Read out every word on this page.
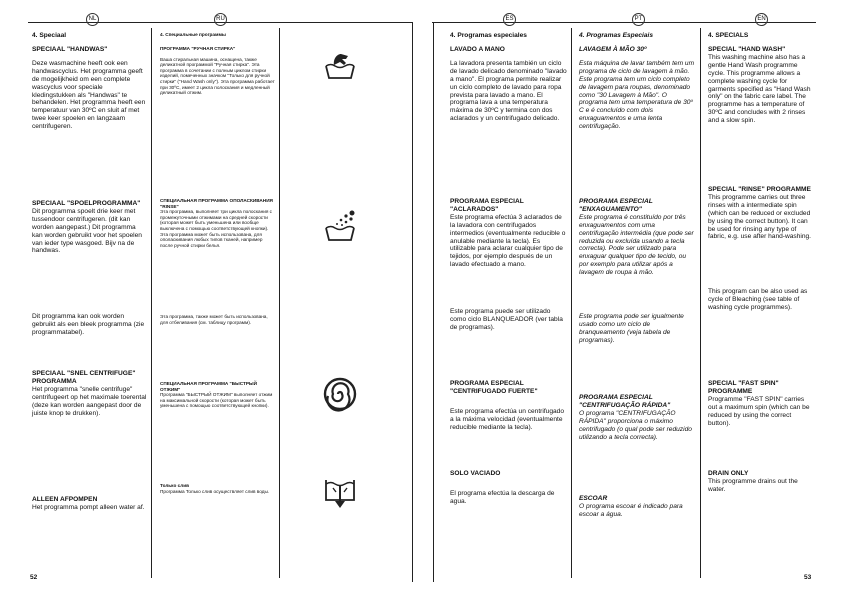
NL	RU	ES	PT	EN
4. Speciaal
SPECIAAL "HANDWAS"
Deze wasmachine heeft ook een handwascyclus. Het programma geeft de mogelijkheid om een complete wascyclus voor speciale kledingstukken als "Handwas" te behandelen. Het programma heeft een temperatuur van 30ºC en sluit af met twee keer spoelen en langzaam centrifugeren.
SPECIAAL "SPOELPROGRAMMA"
Dit programma spoelt drie keer met tussendoor centrifugeren. (dit kan worden aangepast.) Dit programma kan worden gebruikt voor het spoelen van ieder type wasgoed. Bijv na de handwas.
Dit programma kan ook worden gebruikt als een bleek programma (zie programmatabel).
SPECIAAL "SNEL CENTRIFUGE" PROGRAMMA
Het programma "snelle centrifuge" centrifugeert op het maximale toerental (deze kan worden aangepast door de juiste knop te drukken).
ALLEEN AFPOMPEN
Het programma pompt alleen water af.
4. Специальные программы
ПРОГРАММА "РУЧНАЯ СТИРКА"
Ваша стиральная машина, оснащена, также деликатной программой "Ручная стирка". Эта программа в сочетании с полным циклом стирки изделий, помеченных значком "Только для ручной стирки" ("Hand Wash only"). Эта программа работает при 30ºС, имеет 2 цикла полоскания и медленный деликатный отжим.
СПЕЦИАЛЬНАЯ ПРОГРАММА ОПОЛАСКИВАНИЯ "RINSE"
Эта программа, выполняет три цикла полоскания с промежуточными отжимами на средней скорости (которая может быть уменьшена или вообще выключена с помощью соответствующей кнопки). Эта программа может быть использована, для ополаскивания любых типов тканей, например после ручной стирки белья.
Эта программа, также может быть использована, для отбеливания (см. таблицу программ).
СПЕЦИАЛЬНАЯ ПРОГРАММА "БЫСТРЫЙ ОТЖИМ"
Программа "БЫСТРЫЙ ОТЖИМ" выполняет отжим на максимальной скорости (которая может быть уменьшена с помощью соответствующей кнопки).
Только слив
Программа Только слив осуществляет слив воды.
4. Programas especiales
LAVADO A MANO
La lavadora presenta también un ciclo de lavado delicado denominado "lavado a mano". El programa permite realizar un ciclo completo de lavado para ropa prevista para lavado a mano. El programa lava a una temperatura máxima de 30ºC y termina con dos aclarados y un centrifugado delicado.
PROGRAMA ESPECIAL "ACLARADOS"
Este programa efectúa 3 aclarados de la lavadora con centrifugados intermedios (eventualmente reducible o anulable mediante la tecla). Es utilizable para aclarar cualquier tipo de tejidos, por ejemplo después de un lavado efectuado a mano.
Este programa puede ser utilizado como ciclo BLANQUEADOR (ver tabla de programas).
PROGRAMA ESPECIAL "CENTRIFUGADO FUERTE"
Este programa efectúa un centrifugado a la máxima velocidad (eventualmente reducible mediante la tecla).
SOLO VACIADO
El programa efectúa la descarga de agua.
4. Programas Especiais
LAVAGEM À MÃO 30º
Esta máquina de lavar também tem um programa de ciclo de lavagem à mão. Este programa tem um ciclo completo de lavagem para roupas, denominado como "30 Lavagem à Mão". O programa tem uma temperatura de 30º C e é concluído com dois enxaguamentos e uma lenta centrifugação.
PROGRAMA ESPECIAL "ENXAGUAMENTO"
Este programa é constituído por três enxaguamentos com uma centrifugação intermédia (que pode ser reduzida ou excluída usando a tecla correcta). Pode ser utilizado para enxaguar qualquer tipo de tecido, ou por exemplo para utilizar após a lavagem de roupa à mão.
Este programa pode ser igualmente usado como um ciclo de branqueamento (veja tabela de programas).
PROGRAMA ESPECIAL "CENTRIFUGAÇÃO RÁPIDA"
O programa "CENTRIFUGAÇÃO RÁPIDA" proporciona o máximo centrifugado (o qual pode ser reduzido utilizando a tecla correcta).
ESCOAR
O programa escoar é indicado para escoar a água.
4. SPECIALS
SPECIAL "HAND WASH"
This washing machine also has a gentle Hand Wash programme cycle. This programme allows a complete washing cycle for garments specified as "Hand Wash only" on the fabric care label. The programme has a temperature of 30ºC and concludes with 2 rinses and a slow spin.
SPECIAL "RINSE" PROGRAMME
This programme carries out three rinses with a intermediate spin (which can be reduced or excluded by using the correct button). It can be used for rinsing any type of fabric, e.g. use after hand-washing.
This program can be also used as cycle of Bleaching (see table of washing cycle programmes).
SPECIAL "FAST SPIN" PROGRAMME
Programme "FAST SPIN" carries out a maximum spin (which can be reduced by using the correct button).
DRAIN ONLY
This programme drains out the water.
52	53
